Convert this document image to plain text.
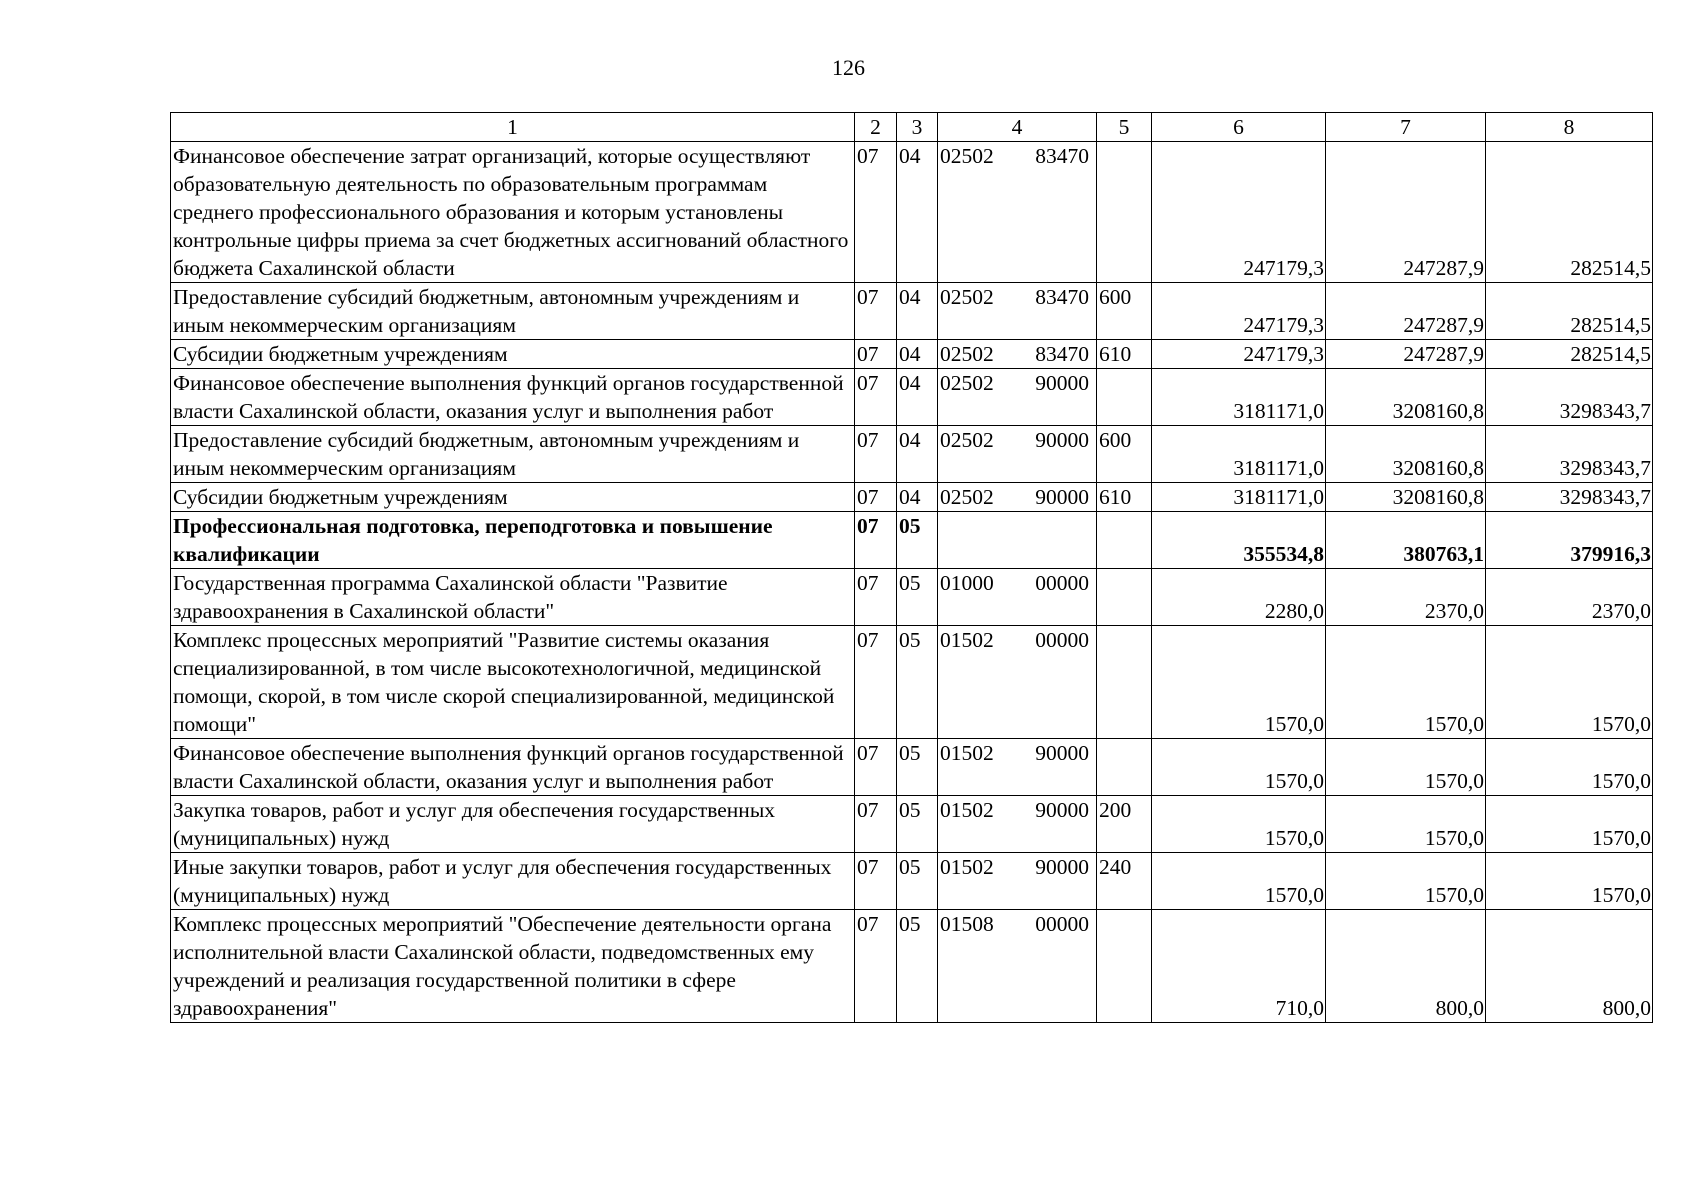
126
1	2	3	4	5	6	7	8
Финансовое обеспечение затрат организаций, которые осуществляют образовательную деятельность по образовательным программам среднего профессионального образования и которым установлены контрольные цифры приема за счет бюджетных ассигнований областного бюджета Сахалинской области	07	04	02502 83470		247179,3	247287,9	282514,5
Предоставление субсидий бюджетным, автономным учреждениям и иным некоммерческим организациям	07	04	02502 83470	600	247179,3	247287,9	282514,5
Субсидии бюджетным учреждениям	07	04	02502 83470	610	247179,3	247287,9	282514,5
Финансовое обеспечение выполнения функций органов государственной власти Сахалинской области, оказания услуг и выполнения работ	07	04	02502 90000		3181171,0	3208160,8	3298343,7
Предоставление субсидий бюджетным, автономным учреждениям и иным некоммерческим организациям	07	04	02502 90000	600	3181171,0	3208160,8	3298343,7
Субсидии бюджетным учреждениям	07	04	02502 90000	610	3181171,0	3208160,8	3298343,7
Профессиональная подготовка, переподготовка и повышение квалификации	07	05			355534,8	380763,1	379916,3
Государственная программа Сахалинской области "Развитие здравоохранения в Сахалинской области"	07	05	01000 00000		2280,0	2370,0	2370,0
Комплекс процессных мероприятий "Развитие системы оказания специализированной, в том числе высокотехнологичной, медицинской помощи, скорой, в том числе скорой специализированной, медицинской помощи"	07	05	01502 00000		1570,0	1570,0	1570,0
Финансовое обеспечение выполнения функций органов государственной власти Сахалинской области, оказания услуг и выполнения работ	07	05	01502 90000		1570,0	1570,0	1570,0
Закупка товаров, работ и услуг для обеспечения государственных (муниципальных) нужд	07	05	01502 90000	200	1570,0	1570,0	1570,0
Иные закупки товаров, работ и услуг для обеспечения государственных (муниципальных) нужд	07	05	01502 90000	240	1570,0	1570,0	1570,0
Комплекс процессных мероприятий "Обеспечение деятельности органа исполнительной власти Сахалинской области, подведомственных ему учреждений и реализация государственной политики в сфере здравоохранения"	07	05	01508 00000		710,0	800,0	800,0
